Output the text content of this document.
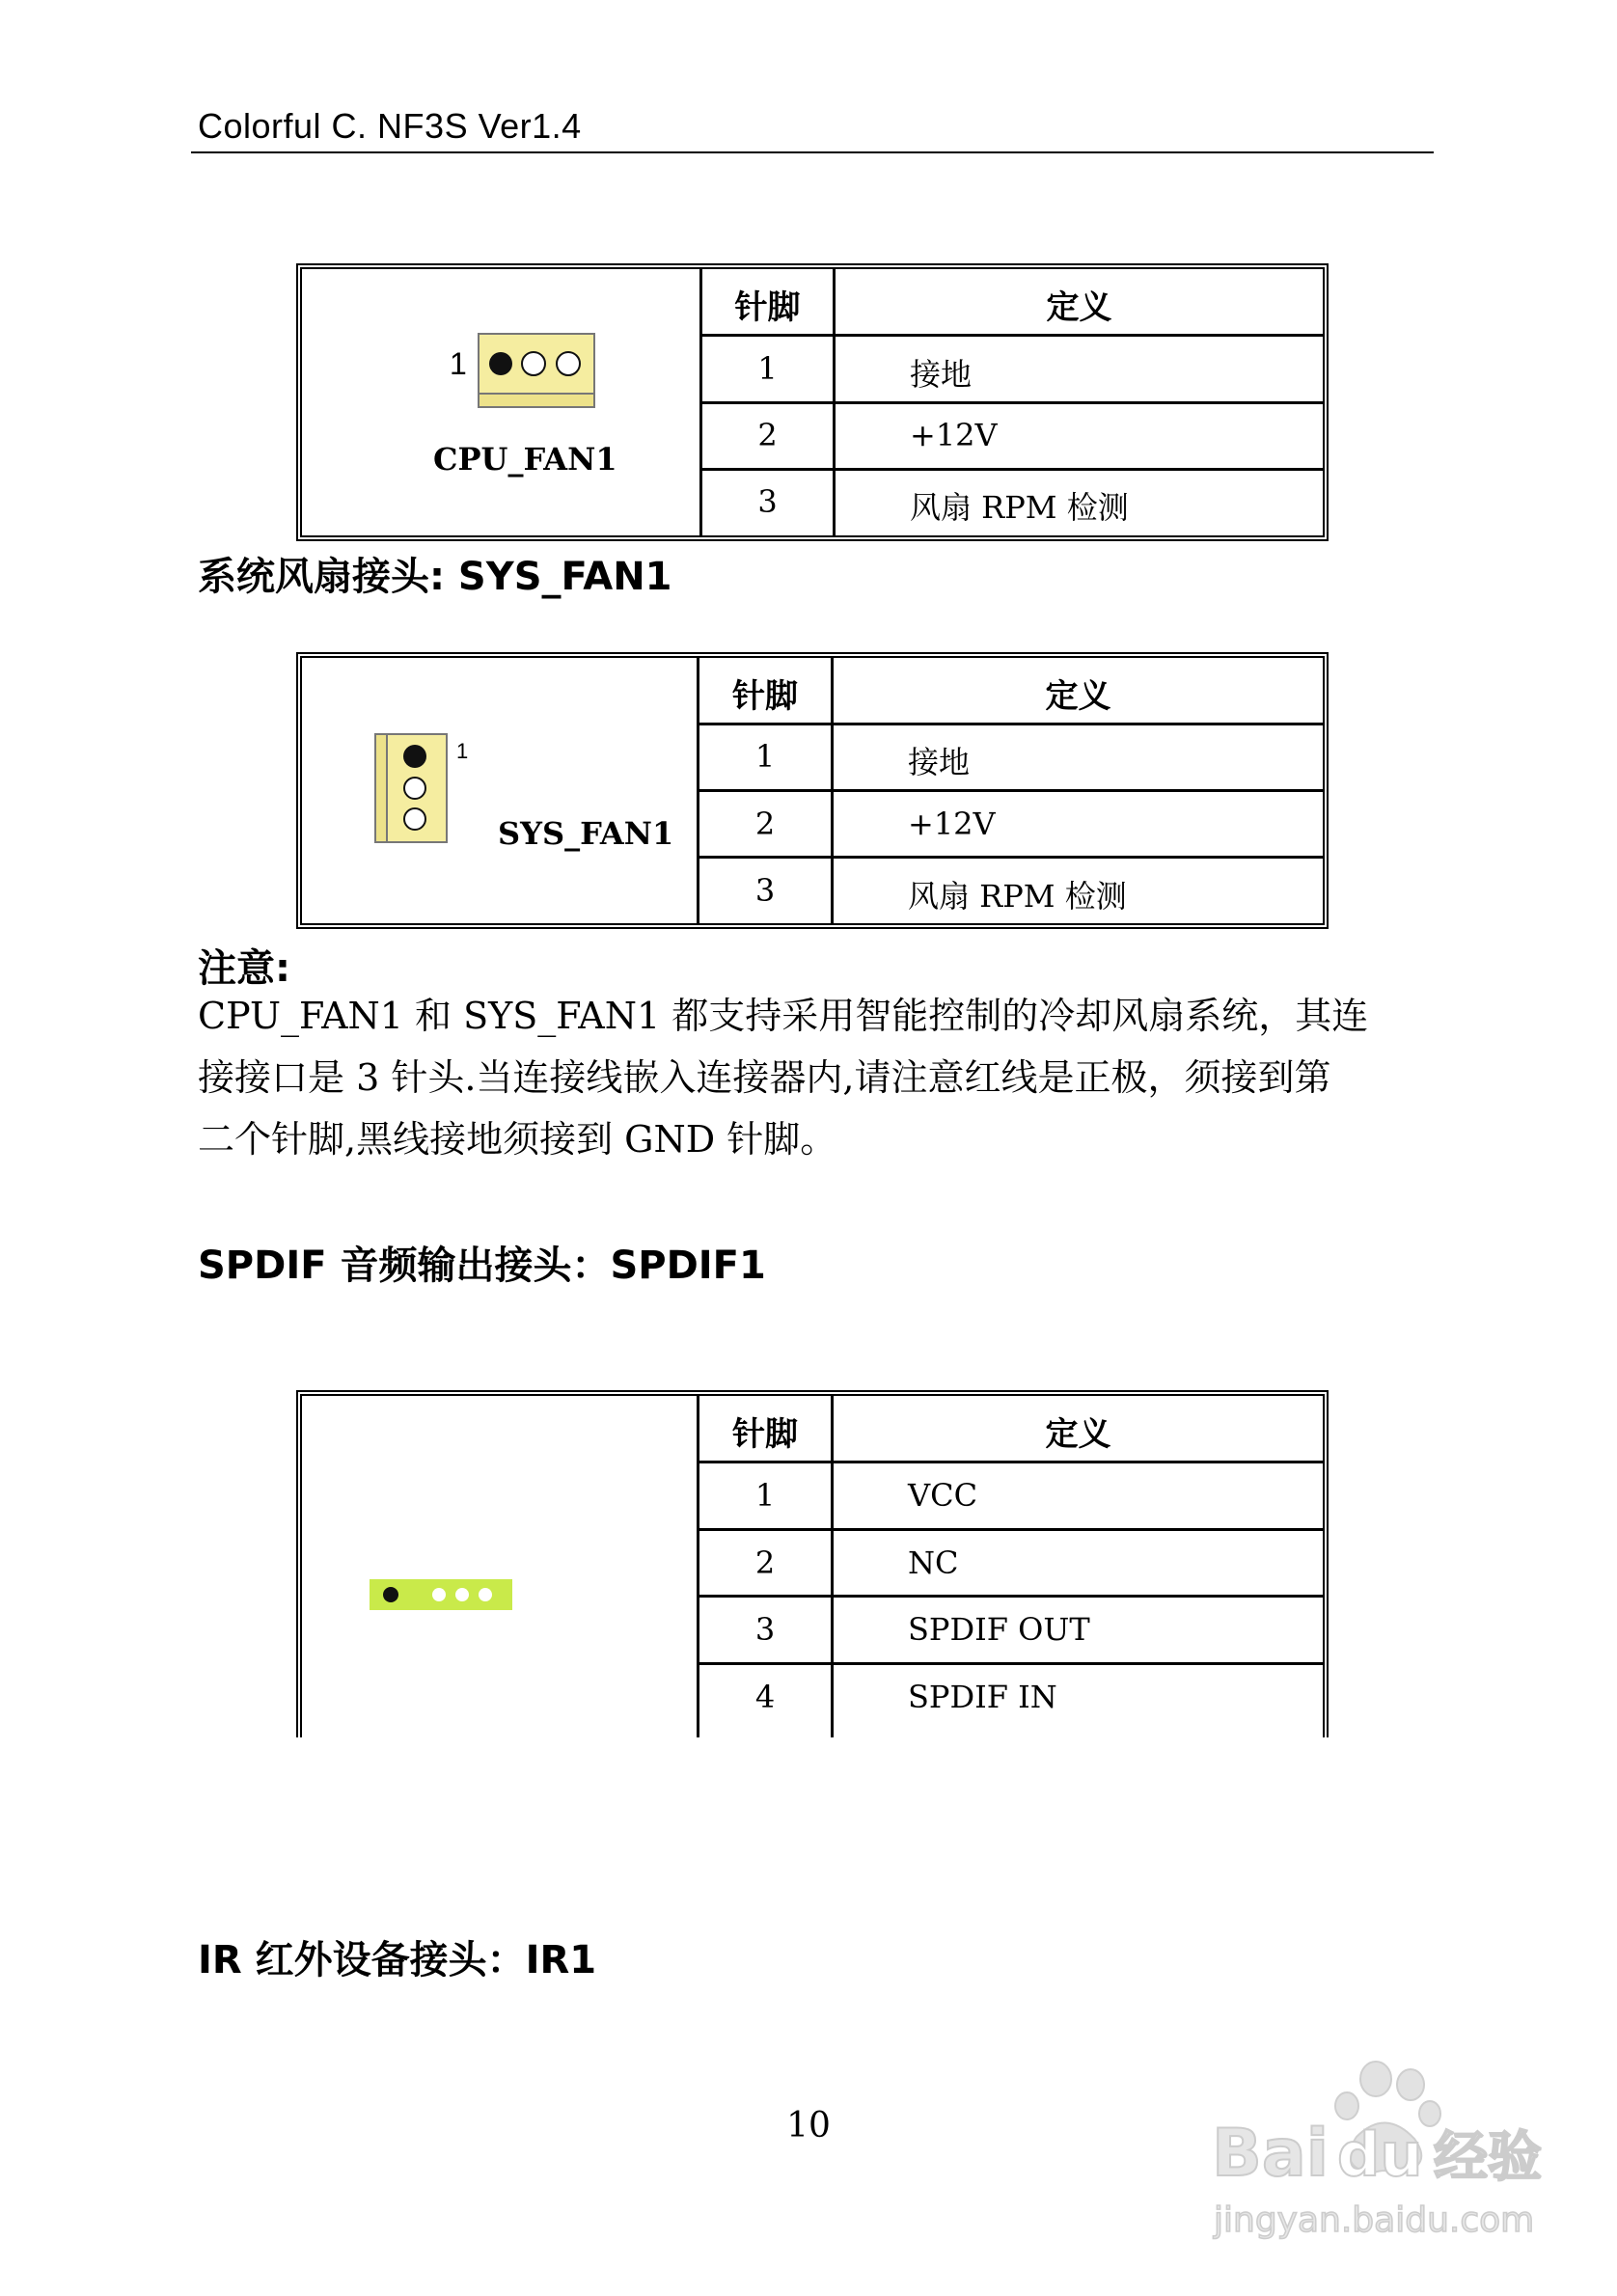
Colorful C. NF3S Ver1.4
1
CPU_FAN1
针脚	定义
1	接地
2	+12V
3	风扇 RPM 检测
系统风扇接头: SYS_FAN1
1
SYS_FAN1
针脚	定义
1	接地
2	+12V
3	风扇 RPM 检测
注意:
CPU_FAN1 和 SYS_FAN1 都支持采用智能控制的冷却风扇系统，其连
接接口是 3 针头.当连接线嵌入连接器内,请注意红线是正极，须接到第
二个针脚,黑线接地须接到 GND 针脚。
SPDIF 音频输出接头：SPDIF1
针脚	定义
1	VCC
2	NC
3	SPDIF OUT
4	SPDIF IN
IR 红外设备接头：IR1
10	Bai du 经验
jingyan.baidu.com
